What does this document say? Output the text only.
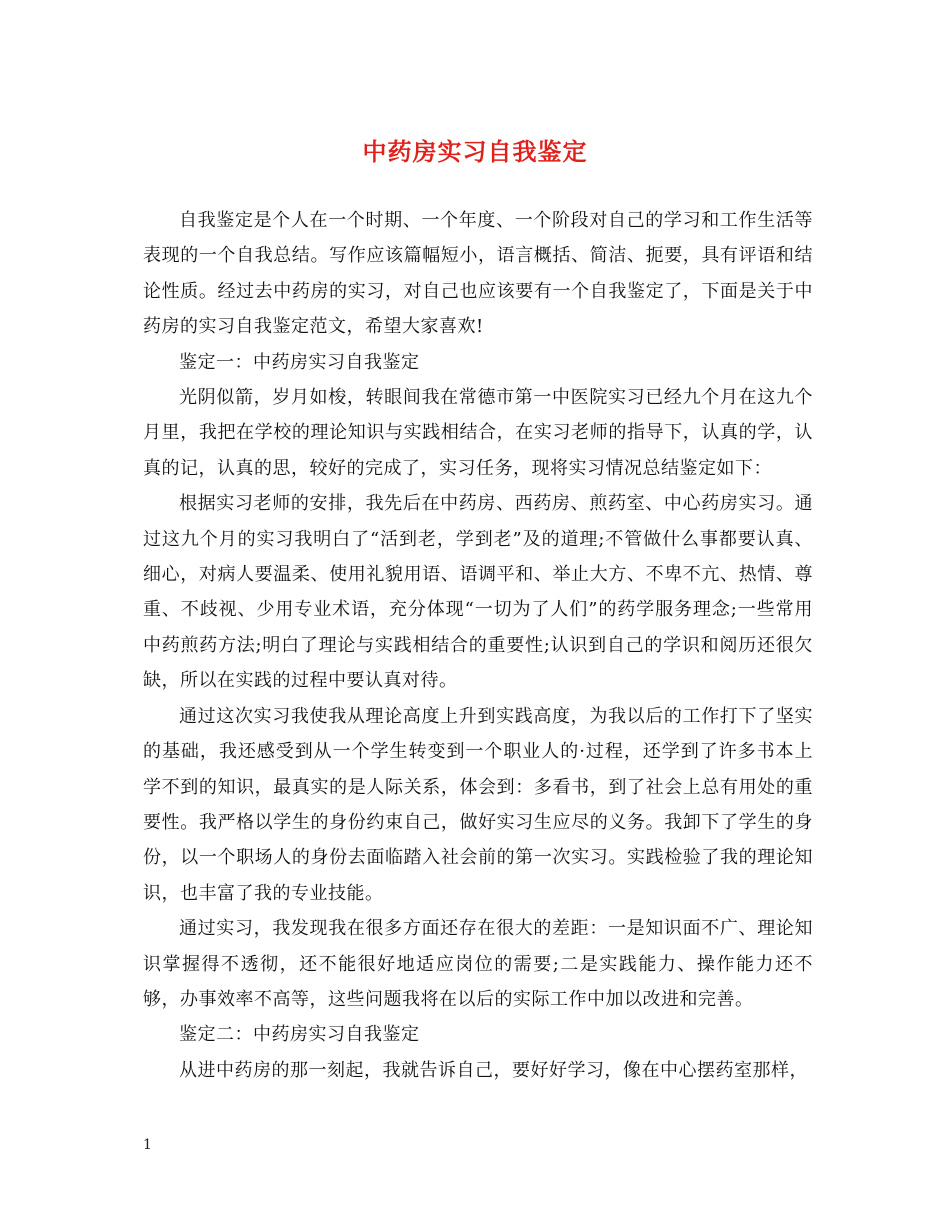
中药房实习自我鉴定

自我鉴定是个人在一个时期、一个年度、一个阶段对自己的学习和工作生活等表现的一个自我总结。写作应该篇幅短小，语言概括、简洁、扼要，具有评语和结论性质。经过去中药房的实习，对自己也应该要有一个自我鉴定了，下面是关于中药房的实习自我鉴定范文，希望大家喜欢!

鉴定一：中药房实习自我鉴定

光阴似箭，岁月如梭，转眼间我在常德市第一中医院实习已经九个月在这九个月里，我把在学校的理论知识与实践相结合，在实习老师的指导下，认真的学，认真的记，认真的思，较好的完成了，实习任务，现将实习情况总结鉴定如下：

根据实习老师的安排，我先后在中药房、西药房、煎药室、中心药房实习。通过这九个月的实习我明白了“活到老，学到老”及的道理;不管做什么事都要认真、细心，对病人要温柔、使用礼貌用语、语调平和、举止大方、不卑不亢、热情、尊重、不歧视、少用专业术语，充分体现“一切为了人们”的药学服务理念;一些常用中药煎药方法;明白了理论与实践相结合的重要性;认识到自己的学识和阅历还很欠缺，所以在实践的过程中要认真对待。

通过这次实习我使我从理论高度上升到实践高度，为我以后的工作打下了坚实的基础，我还感受到从一个学生转变到一个职业人的·过程，还学到了许多书本上学不到的知识，最真实的是人际关系，体会到：多看书，到了社会上总有用处的重要性。我严格以学生的身份约束自己，做好实习生应尽的义务。我卸下了学生的身份，以一个职场人的身份去面临踏入社会前的第一次实习。实践检验了我的理论知识，也丰富了我的专业技能。

通过实习，我发现我在很多方面还存在很大的差距：一是知识面不广、理论知识掌握得不透彻，还不能很好地适应岗位的需要;二是实践能力、操作能力还不够，办事效率不高等，这些问题我将在以后的实际工作中加以改进和完善。

鉴定二：中药房实习自我鉴定

从进中药房的那一刻起，我就告诉自己，要好好学习，像在中心摆药室那样，

1
